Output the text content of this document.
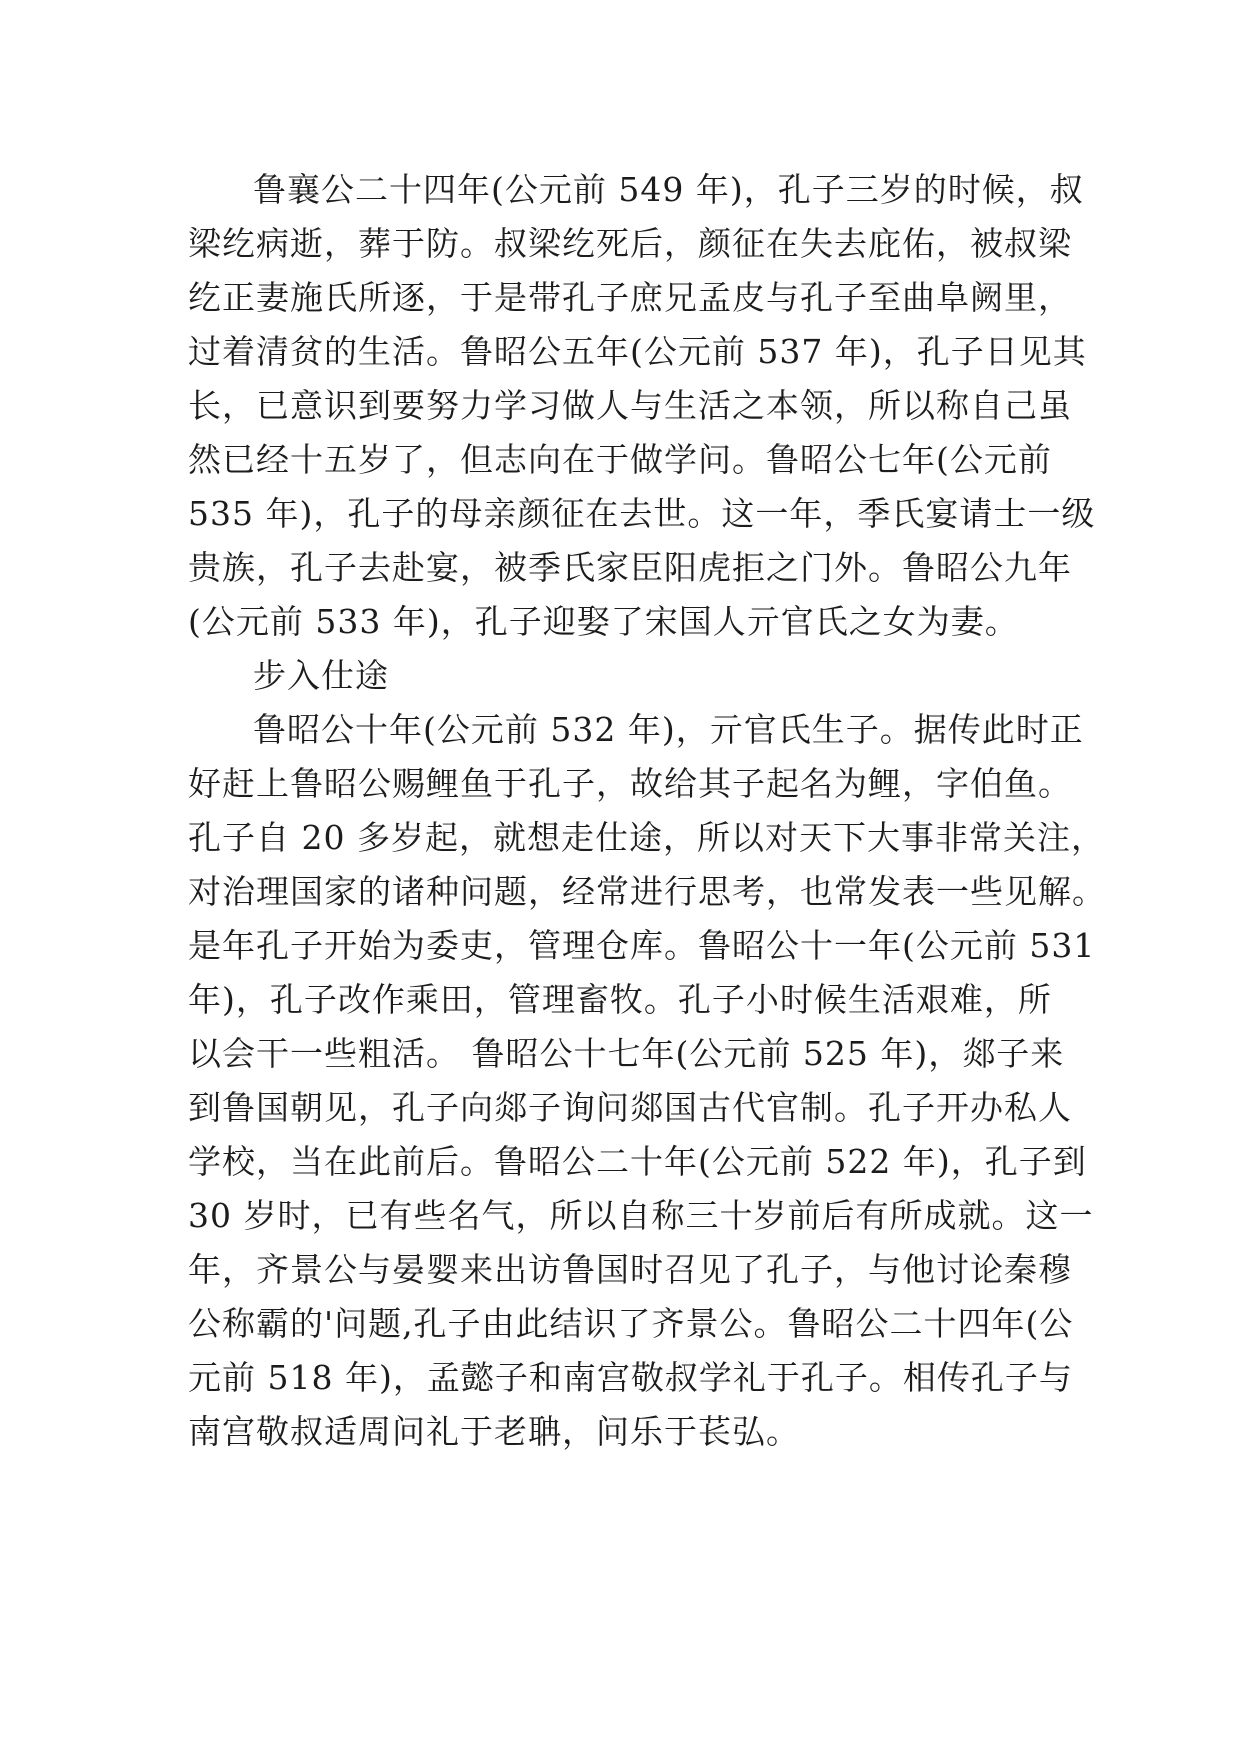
鲁襄公二十四年(公元前 549 年)，孔子三岁的时候，叔
梁纥病逝，葬于防。叔梁纥死后，颜征在失去庇佑，被叔梁
纥正妻施氏所逐，于是带孔子庶兄孟皮与孔子至曲阜阙里，
过着清贫的生活。鲁昭公五年(公元前 537 年)，孔子日见其
长，已意识到要努力学习做人与生活之本领，所以称自己虽
然已经十五岁了，但志向在于做学问。鲁昭公七年(公元前
535 年)，孔子的母亲颜征在去世。这一年，季氏宴请士一级
贵族，孔子去赴宴，被季氏家臣阳虎拒之门外。鲁昭公九年
(公元前 533 年)，孔子迎娶了宋国人亓官氏之女为妻。
步入仕途
鲁昭公十年(公元前 532 年)，亓官氏生子。据传此时正
好赶上鲁昭公赐鲤鱼于孔子，故给其子起名为鲤，字伯鱼。
孔子自 20 多岁起，就想走仕途，所以对天下大事非常关注，
对治理国家的诸种问题，经常进行思考，也常发表一些见解。
是年孔子开始为委吏，管理仓库。鲁昭公十一年(公元前 531
年)，孔子改作乘田，管理畜牧。孔子小时候生活艰难，所
以会干一些粗活。 鲁昭公十七年(公元前 525 年)，郯子来
到鲁国朝见，孔子向郯子询问郯国古代官制。孔子开办私人
学校，当在此前后。鲁昭公二十年(公元前 522 年)，孔子到
30 岁时，已有些名气，所以自称三十岁前后有所成就。这一
年，齐景公与晏婴来出访鲁国时召见了孔子，与他讨论秦穆
公称霸的'问题,孔子由此结识了齐景公。鲁昭公二十四年(公
元前 518 年)，孟懿子和南宫敬叔学礼于孔子。相传孔子与
南宫敬叔适周问礼于老聃，问乐于苌弘。
